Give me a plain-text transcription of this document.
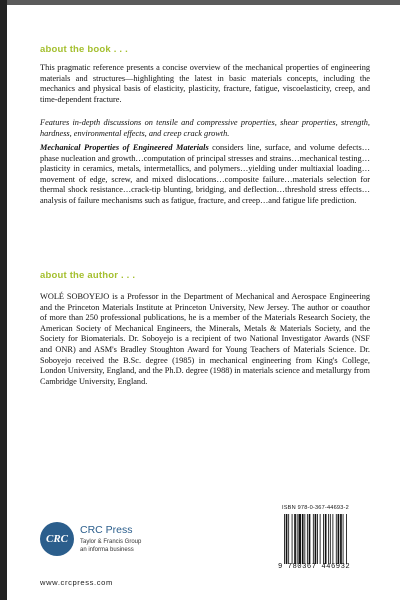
about the book . . .

This pragmatic reference presents a concise overview of the mechanical properties of engineering materials and structures—highlighting the latest in basic materials concepts, including the mechanics and physical basis of elasticity, plasticity, fracture, fatigue, viscoelasticity, creep, and time-dependent fracture.

Features in-depth discussions on tensile and compressive properties, shear properties, strength, hardness, environmental effects, and creep crack growth.

Mechanical Properties of Engineered Materials considers line, surface, and volume defects…phase nucleation and growth…computation of principal stresses and strains…mechanical testing…plasticity in ceramics, metals, intermetallics, and polymers…yielding under multiaxial loading…movement of edge, screw, and mixed dislocations…composite failure…materials selection for thermal shock resistance…crack-tip blunting, bridging, and deflection…threshold stress effects…analysis of failure mechanisms such as fatigue, fracture, and creep…and fatigue life prediction.

about the author . . .

WOLÉ SOBOYEJO is a Professor in the Department of Mechanical and Aerospace Engineering and the Princeton Materials Institute at Princeton University, New Jersey. The author or coauthor of more than 250 professional publications, he is a member of the Materials Research Society, the American Society of Mechanical Engineers, the Minerals, Metals & Materials Society, and the Society for Biomaterials. Dr. Soboyejo is a recipient of two National Investigator Awards (NSF and ONR) and ASM's Bradley Stoughton Award for Young Teachers of Materials Science. Dr. Soboyejo received the B.Sc. degree (1985) in mechanical engineering from King's College, London University, England, and the Ph.D. degree (1988) in materials science and metallurgy from Cambridge University, England.

CRC
CRC Press
Taylor & Francis Group
an informa business
www.crcpress.com
ISBN 978-0-367-44693-2
9 780367 446932
